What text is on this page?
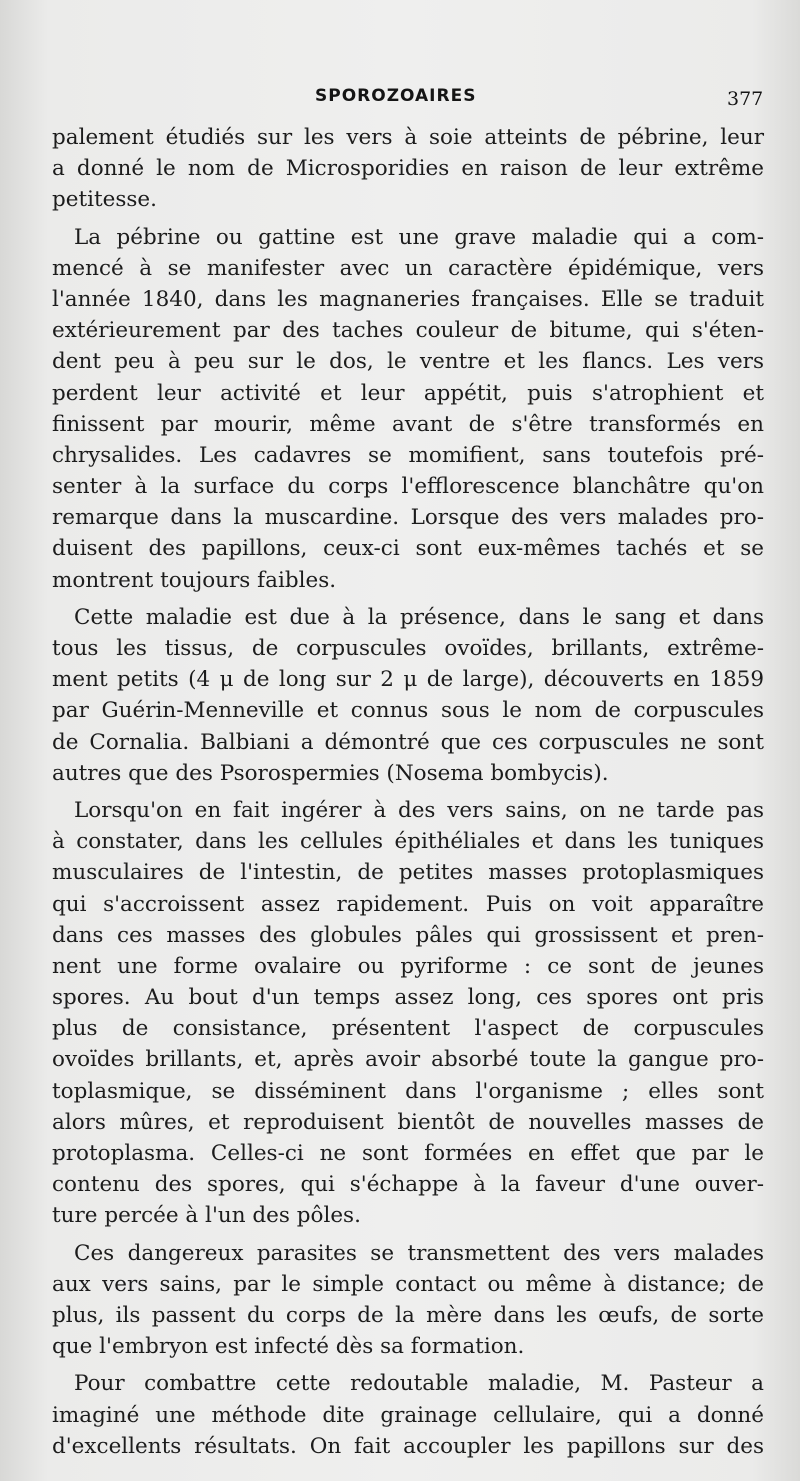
SPOROZOAIRES	377
palement étudiés sur les vers à soie atteints de pébrine, leur
a donné le nom de Microsporidies en raison de leur extrême
petitesse.
La pébrine ou gattine est une grave maladie qui a com-
mencé à se manifester avec un caractère épidémique, vers
l'année 1840, dans les magnaneries françaises. Elle se traduit
extérieurement par des taches couleur de bitume, qui s'éten-
dent peu à peu sur le dos, le ventre et les flancs. Les vers
perdent leur activité et leur appétit, puis s'atrophient et
finissent par mourir, même avant de s'être transformés en
chrysalides. Les cadavres se momifient, sans toutefois pré-
senter à la surface du corps l'efflorescence blanchâtre qu'on
remarque dans la muscardine. Lorsque des vers malades pro-
duisent des papillons, ceux-ci sont eux-mêmes tachés et se
montrent toujours faibles.
Cette maladie est due à la présence, dans le sang et dans
tous les tissus, de corpuscules ovoïdes, brillants, extrême-
ment petits (4 μ de long sur 2 μ de large), découverts en 1859
par Guérin-Menneville et connus sous le nom de corpuscules
de Cornalia. Balbiani a démontré que ces corpuscules ne sont
autres que des Psorospermies (Nosema bombycis).
Lorsqu'on en fait ingérer à des vers sains, on ne tarde pas
à constater, dans les cellules épithéliales et dans les tuniques
musculaires de l'intestin, de petites masses protoplasmiques
qui s'accroissent assez rapidement. Puis on voit apparaître
dans ces masses des globules pâles qui grossissent et pren-
nent une forme ovalaire ou pyriforme : ce sont de jeunes
spores. Au bout d'un temps assez long, ces spores ont pris
plus de consistance, présentent l'aspect de corpuscules
ovoïdes brillants, et, après avoir absorbé toute la gangue pro-
toplasmique, se disséminent dans l'organisme ; elles sont
alors mûres, et reproduisent bientôt de nouvelles masses de
protoplasma. Celles-ci ne sont formées en effet que par le
contenu des spores, qui s'échappe à la faveur d'une ouver-
ture percée à l'un des pôles.
Ces dangereux parasites se transmettent des vers malades
aux vers sains, par le simple contact ou même à distance; de
plus, ils passent du corps de la mère dans les œufs, de sorte
que l'embryon est infecté dès sa formation.
Pour combattre cette redoutable maladie, M. Pasteur a
imaginé une méthode dite grainage cellulaire, qui a donné
d'excellents résultats. On fait accoupler les papillons sur des
